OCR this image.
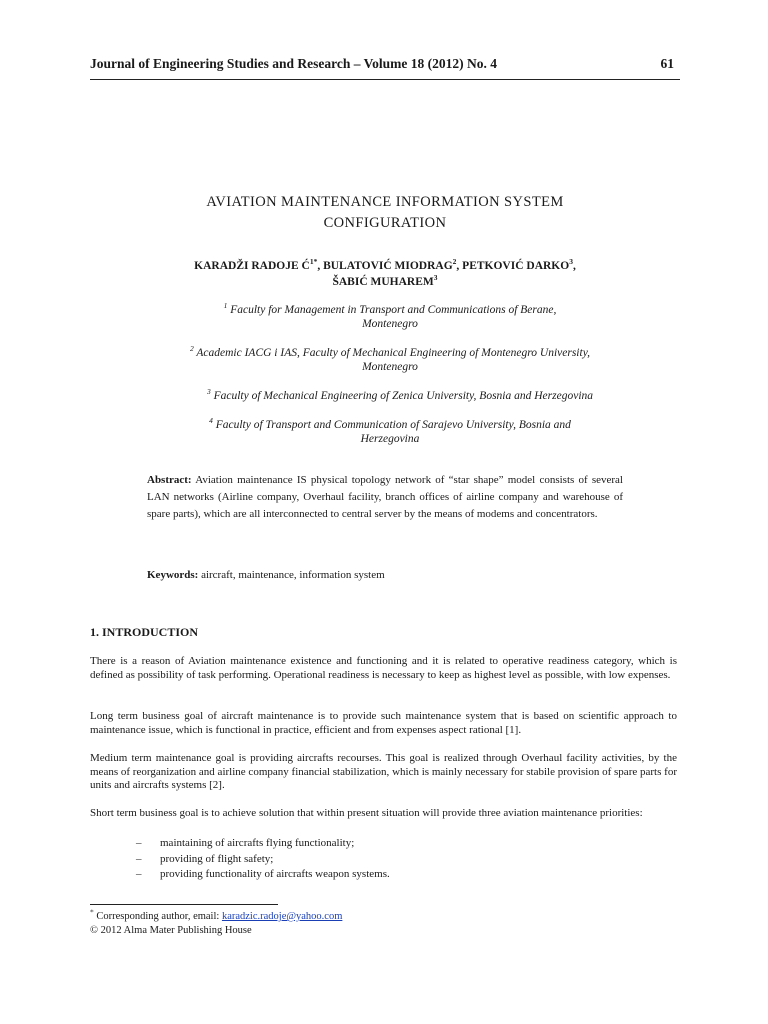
Journal of Engineering Studies and Research – Volume 18 (2012) No. 4	61
AVIATION MAINTENANCE INFORMATION SYSTEM
CONFIGURATION
KARADŽI RADOJE $Ć^{1*}$, BULATOVIĆ MIODRAG$^2$, PETKOVIĆ DARKO$^3$,
ŠABIĆ MUHAREM$^3$
$^1$ Faculty for Management in Transport and Communications of Berane,
Montenegro
$^2$ Academic IACG i IAS, Faculty of Mechanical Engineering of Montenegro University,
Montenegro
$^3$ Faculty of Mechanical Engineering of Zenica University, Bosnia and Herzegovina
$^4$ Faculty of Transport and Communication of Sarajevo University, Bosnia and
Herzegovina
Abstract: Aviation maintenance IS physical topology network of “star shape” model consists of several LAN networks (Airline company, Overhaul facility, branch offices of airline company and warehouse of spare parts), which are all interconnected to central server by the means of modems and concentrators.
Keywords: aircraft, maintenance, information system
1. INTRODUCTION
There is a reason of Aviation maintenance existence and functioning and it is related to operative readiness category, which is defined as possibility of task performing. Operational readiness is necessary to keep as highest level as possible, with low expenses.
Long term business goal of aircraft maintenance is to provide such maintenance system that is based on scientific approach to maintenance issue, which is functional in practice, efficient and from expenses aspect rational [1].
Medium term maintenance goal is providing aircrafts recourses. This goal is realized through Overhaul facility activities, by the means of reorganization and airline company financial stabilization, which is mainly necessary for stabile provision of spare parts for units and aircrafts systems [2].
Short term business goal is to achieve solution that within present situation will provide three aviation maintenance priorities:
–	maintaining of aircrafts flying functionality;
–	providing of flight safety;
–	providing functionality of aircrafts weapon systems.
* Corresponding author, email: karadzic.radoje@yahoo.com
© 2012 Alma Mater Publishing House
